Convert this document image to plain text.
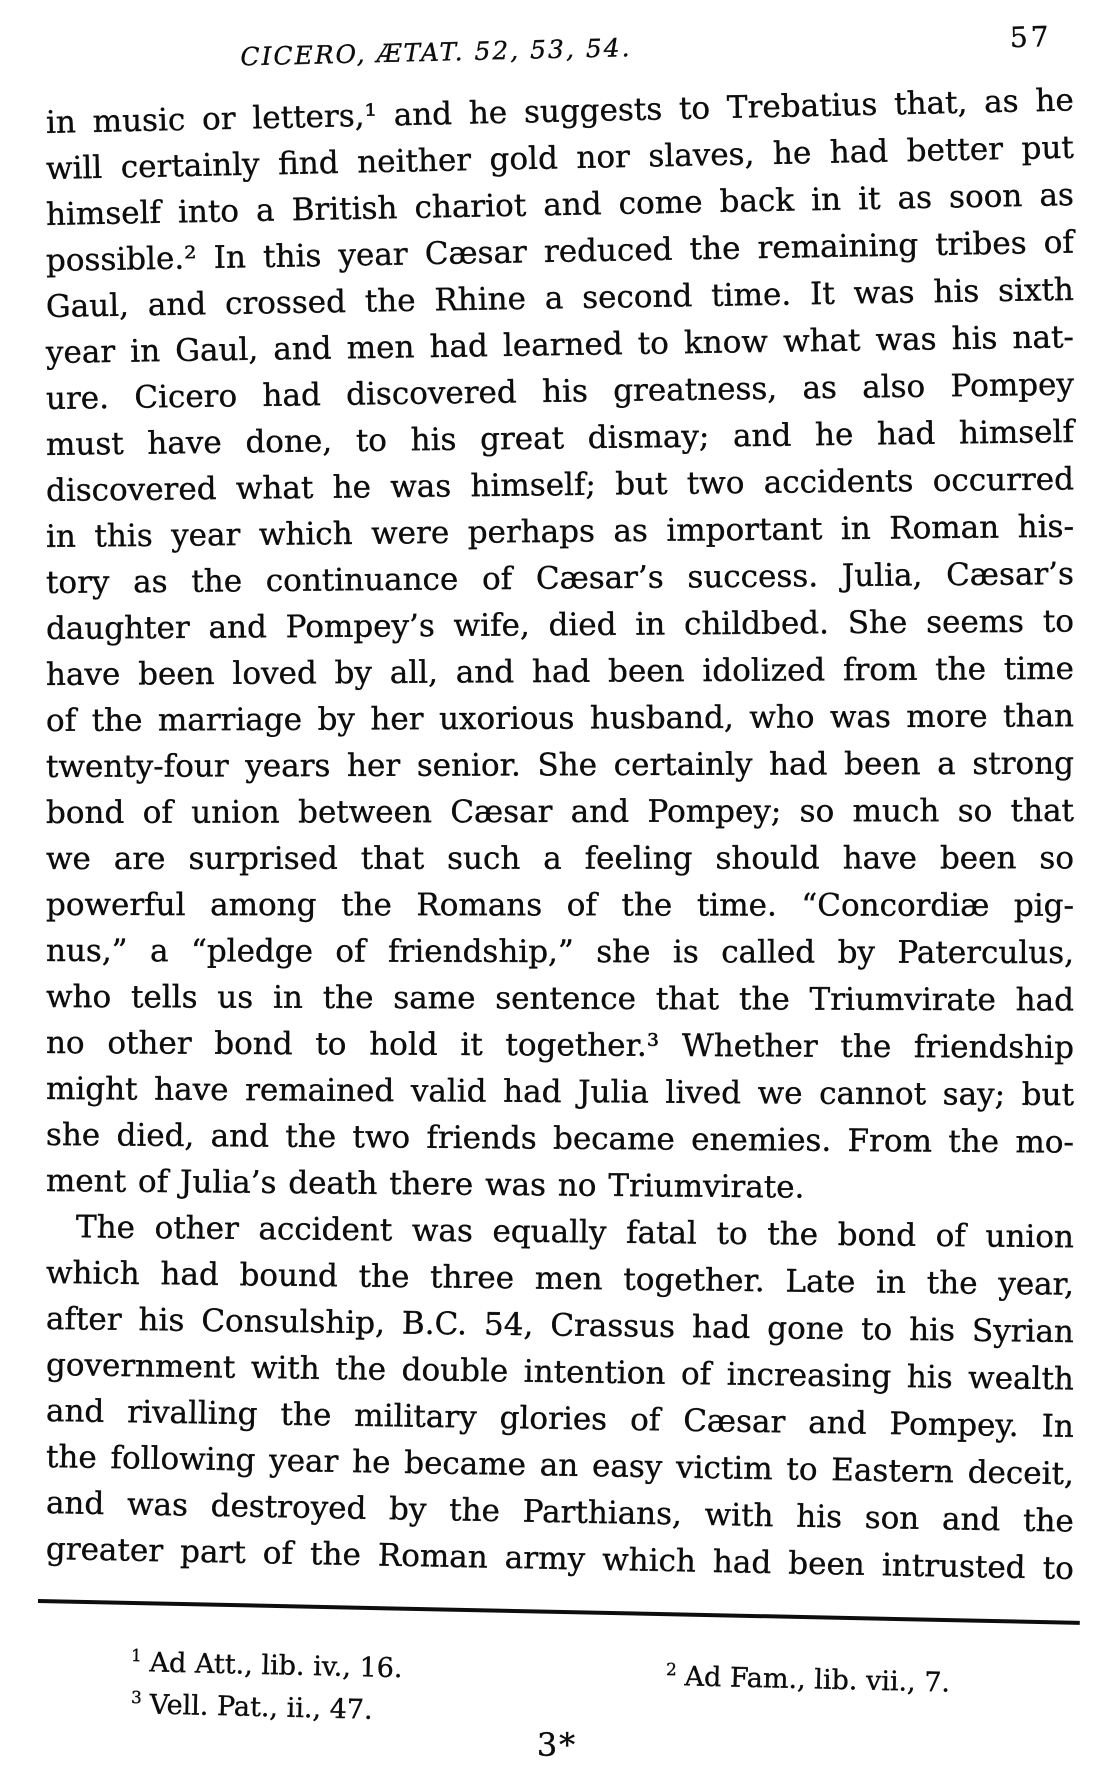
CICERO, ÆTAT. 52, 53, 54.	57
in music or letters,¹ and he suggests to Trebatius that, as he
will certainly find neither gold nor slaves, he had better put
himself into a British chariot and come back in it as soon as
possible.² In this year Cæsar reduced the remaining tribes of
Gaul, and crossed the Rhine a second time. It was his sixth
year in Gaul, and men had learned to know what was his nat-
ure. Cicero had discovered his greatness, as also Pompey
must have done, to his great dismay; and he had himself
discovered what he was himself; but two accidents occurred
in this year which were perhaps as important in Roman his-
tory as the continuance of Cæsar’s success. Julia, Cæsar’s
daughter and Pompey’s wife, died in childbed. She seems to
have been loved by all, and had been idolized from the time
of the marriage by her uxorious husband, who was more than
twenty-four years her senior. She certainly had been a strong
bond of union between Cæsar and Pompey; so much so that
we are surprised that such a feeling should have been so
powerful among the Romans of the time. “Concordiæ pig-
nus,” a “pledge of friendship,” she is called by Paterculus,
who tells us in the same sentence that the Triumvirate had
no other bond to hold it together.³ Whether the friendship
might have remained valid had Julia lived we cannot say; but
she died, and the two friends became enemies. From the mo-
ment of Julia’s death there was no Triumvirate.
The other accident was equally fatal to the bond of union
which had bound the three men together. Late in the year,
after his Consulship, B.C. 54, Crassus had gone to his Syrian
government with the double intention of increasing his wealth
and rivalling the military glories of Cæsar and Pompey. In
the following year he became an easy victim to Eastern deceit,
and was destroyed by the Parthians, with his son and the
greater part of the Roman army which had been intrusted to
$^1$ Ad Att., lib. iv., 16.	$^2$ Ad Fam., lib. vii., 7.
$^3$ Vell. Pat., ii., 47.
3*
